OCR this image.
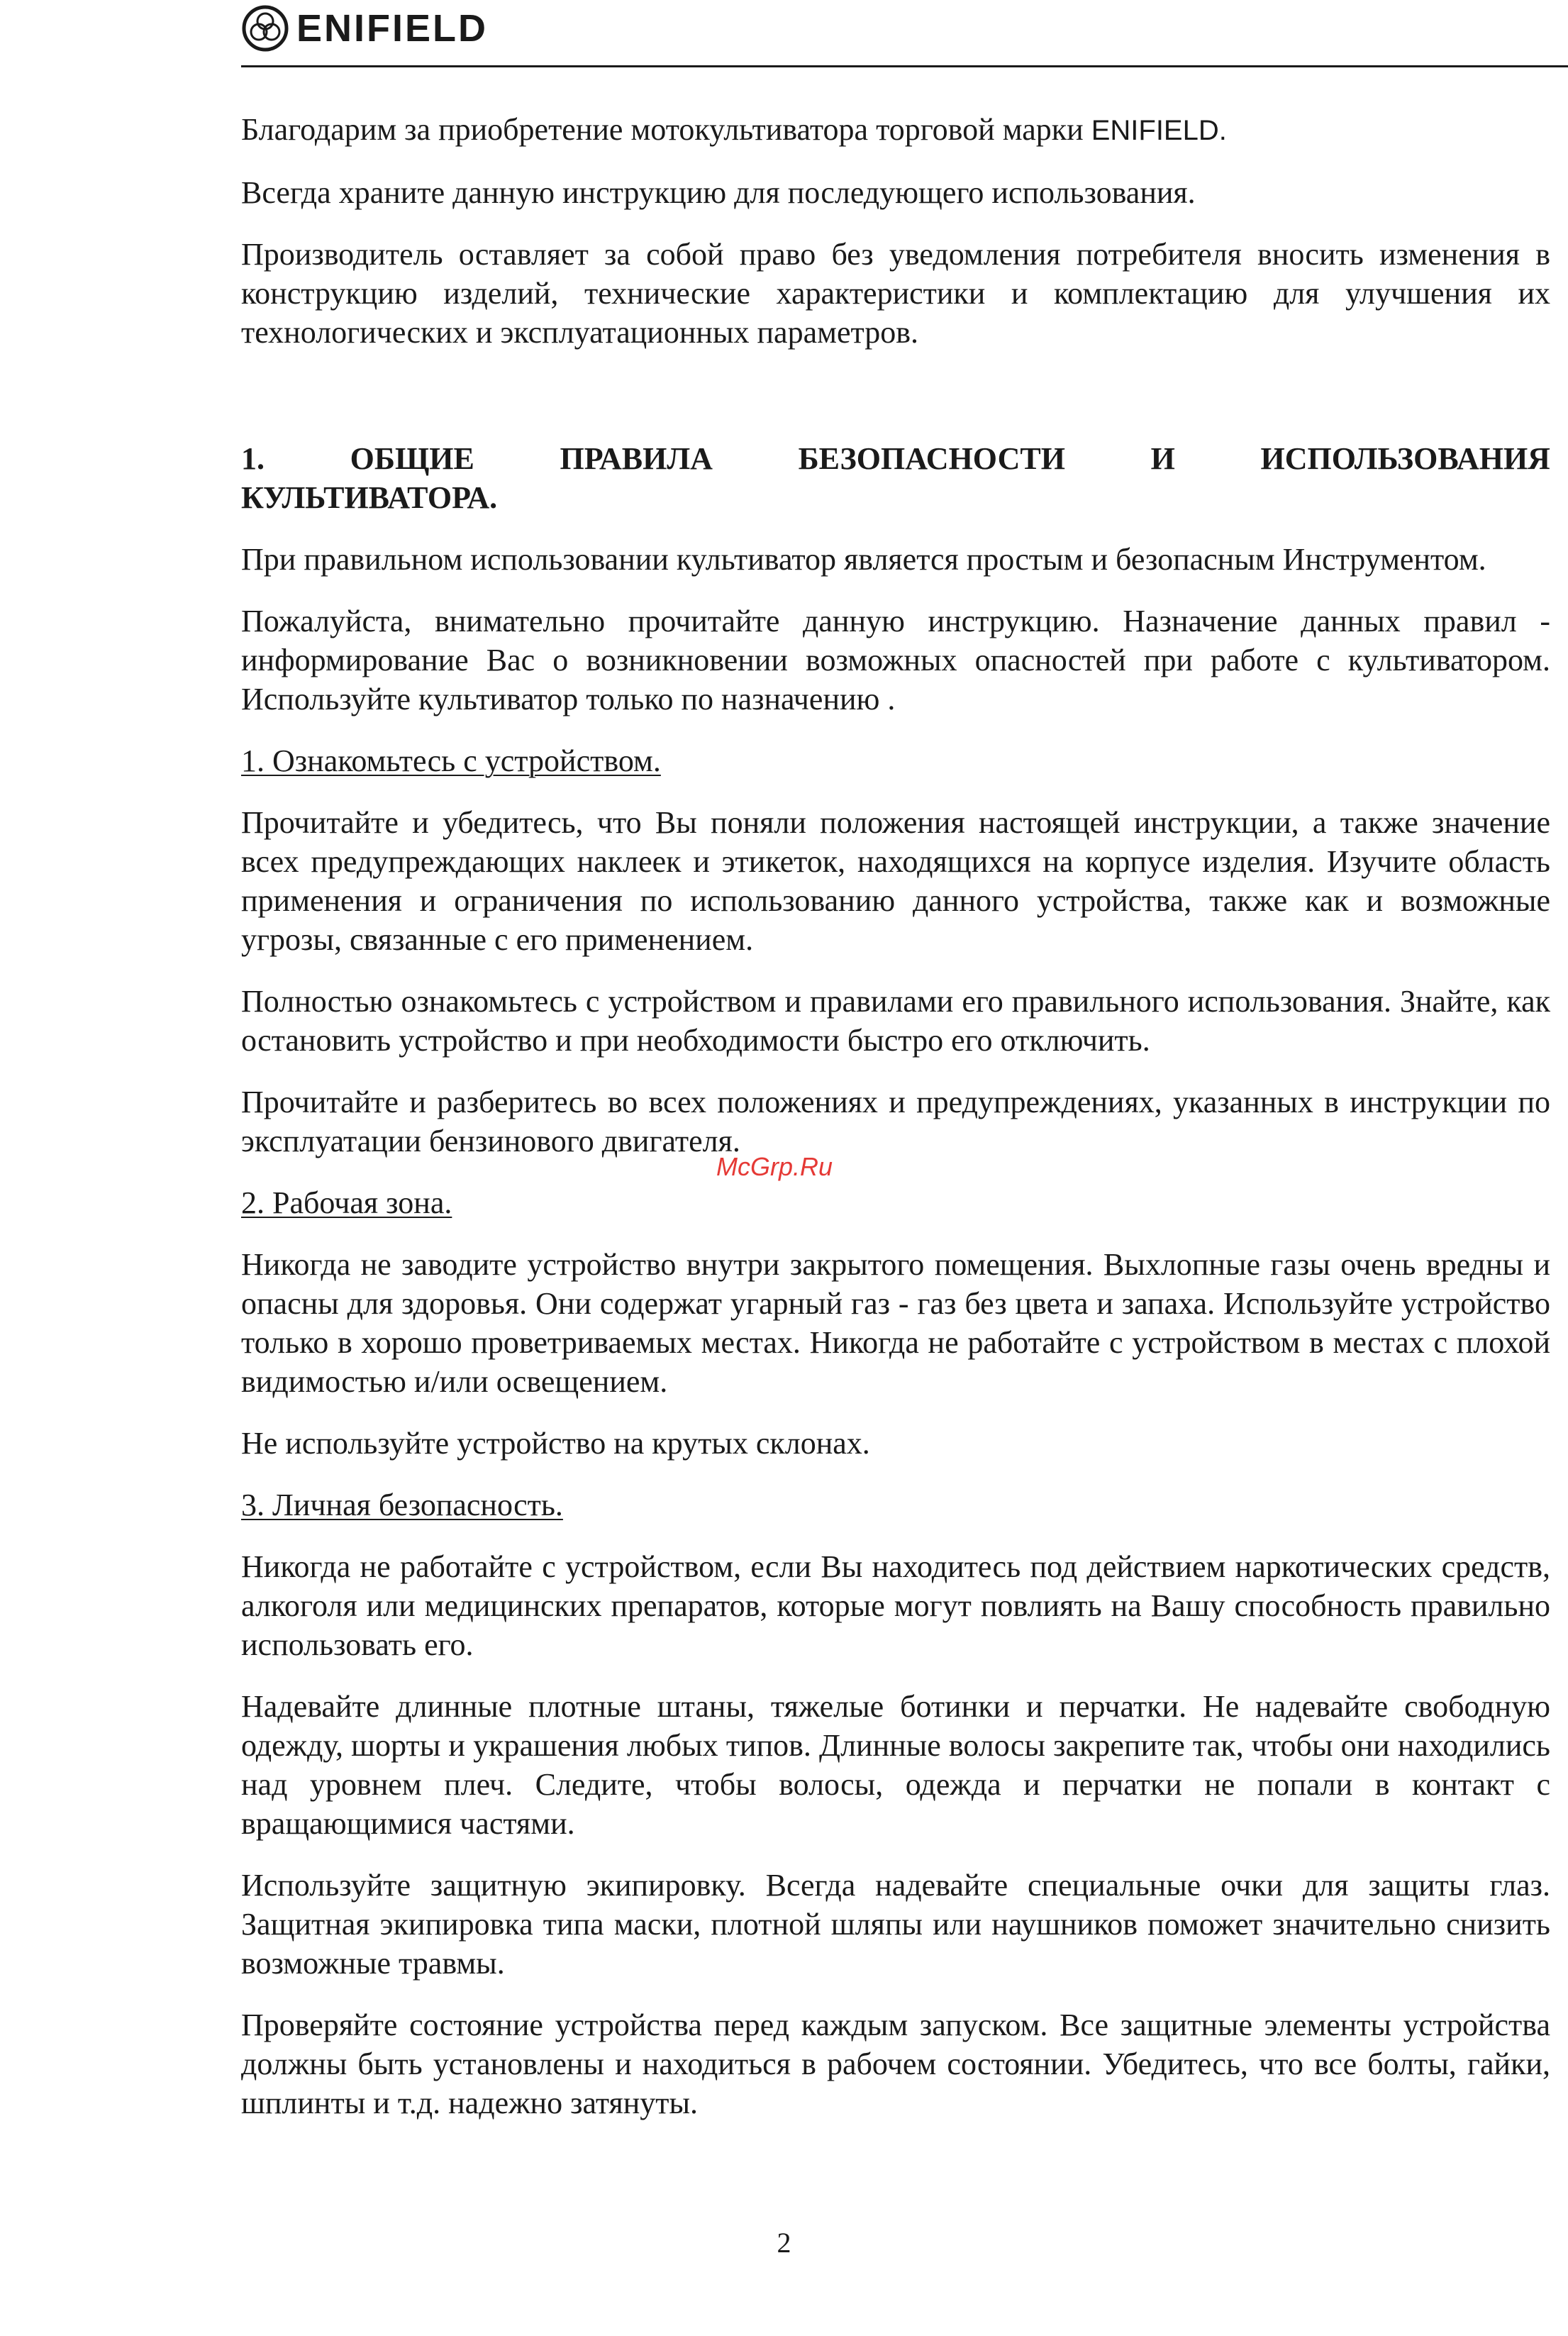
ENIFIELD

Благодарим за приобретение мотокультиватора торговой марки ENIFIELD.

Всегда храните данную инструкцию для последующего использования.

Производитель оставляет за собой право без уведомления потребителя вносить изменения в конструкцию изделий, технические характеристики и комплектацию для улучшения их технологических и эксплуатационных параметров.

1.	ОБЩИЕ	ПРАВИЛА	БЕЗОПАСНОСТИ	И	ИСПОЛЬЗОВАНИЯ
КУЛЬТИВАТОРА.

При правильном использовании культиватор является простым и безопасным Инструментом.

Пожалуйста, внимательно прочитайте данную инструкцию. Назначение данных правил - информирование Вас о возникновении возможных опасностей при работе с культиватором. Используйте культиватор только по назначению .

1. Ознакомьтесь с устройством.

Прочитайте и убедитесь, что Вы поняли положения настоящей инструкции, а также значение всех предупреждающих наклеек и этикеток, находящихся на корпусе изделия. Изучите область применения и ограничения по использованию данного устройства, также как и возможные угрозы, связанные с его применением.

Полностью ознакомьтесь с устройством и правилами его правильного использования. Знайте, как остановить устройство и при необходимости быстро его отключить.

Прочитайте и разберитесь во всех положениях и предупреждениях, указанных в инструкции по эксплуатации бензинового двигателя.

2. Рабочая зона.

Никогда не заводите устройство внутри закрытого помещения. Выхлопные газы очень вредны и опасны для здоровья. Они содержат угарный газ - газ без цвета и запаха. Используйте устройство только в хорошо проветриваемых местах. Никогда не работайте с устройством в местах с плохой видимостью и/или освещением.

Не используйте устройство на крутых склонах.

3. Личная безопасность.

Никогда не работайте с устройством, если Вы находитесь под действием наркотических средств, алкоголя или медицинских препаратов, которые могут повлиять на Вашу способность правильно использовать его.

Надевайте длинные плотные штаны, тяжелые ботинки и перчатки. Не надевайте свободную одежду, шорты и украшения любых типов. Длинные волосы закрепите так, чтобы они находились над уровнем плеч. Следите, чтобы волосы, одежда и перчатки не попали в контакт с вращающимися частями.

Используйте защитную экипировку. Всегда надевайте специальные очки для защиты глаз. Защитная экипировка типа маски, плотной шляпы или наушников поможет значительно снизить возможные травмы.

Проверяйте состояние устройства перед каждым запуском. Все защитные элементы устройства должны быть установлены и находиться в рабочем состоянии. Убедитесь, что все болты, гайки, шплинты и т.д. надежно затянуты.

McGrp.Ru
2
